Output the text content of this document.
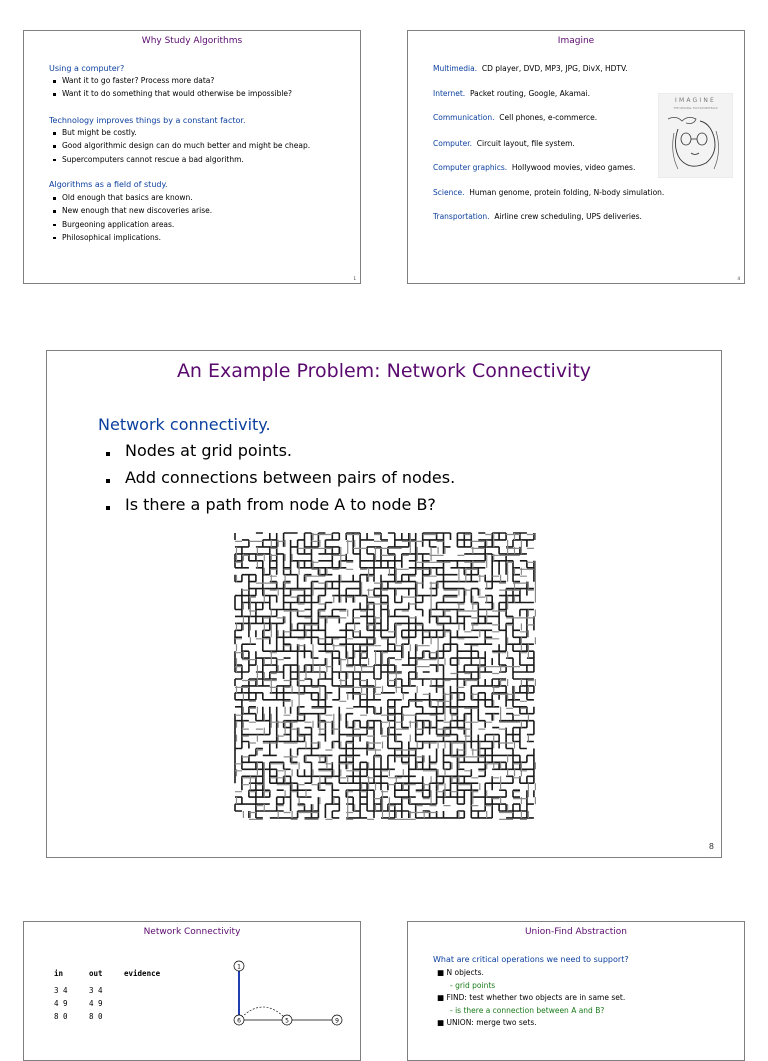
Why Study Algorithms
Using a computer?
Want it to go faster? Process more data?
Want it to do something that would otherwise be impossible?
Technology improves things by a constant factor.
But might be costly.
Good algorithmic design can do much better and might be cheap.
Supercomputers cannot rescue a bad algorithm.
Algorithms as a field of study.
Old enough that basics are known.
New enough that new discoveries arise.
Burgeoning application areas.
Philosophical implications.
1
Imagine
Multimedia. CD player, DVD, MP3, JPG, DivX, HDTV.
Internet. Packet routing, Google, Akamai.
Communication. Cell phones, e-commerce.
Computer. Circuit layout, file system.
Computer graphics. Hollywood movies, video games.
Science. Human genome, protein folding, N-body simulation.
Transportation. Airline crew scheduling, UPS deliveries.
IMAGINE
THE ORIGINAL FILM SOUNDTRACK
4
An Example Problem: Network Connectivity
Network connectivity.
Nodes at grid points.
Add connections between pairs of nodes.
Is there a path from node A to node B?
8
Network Connectivity
in	out	evidence
3 4	3 4
4 9	4 9
8 0	8 0
1
6	5	9
Union-Find Abstraction
What are critical operations we need to support?
■ N objects.
- grid points
■ FIND: test whether two objects are in same set.
- is there a connection between A and B?
■ UNION: merge two sets.
